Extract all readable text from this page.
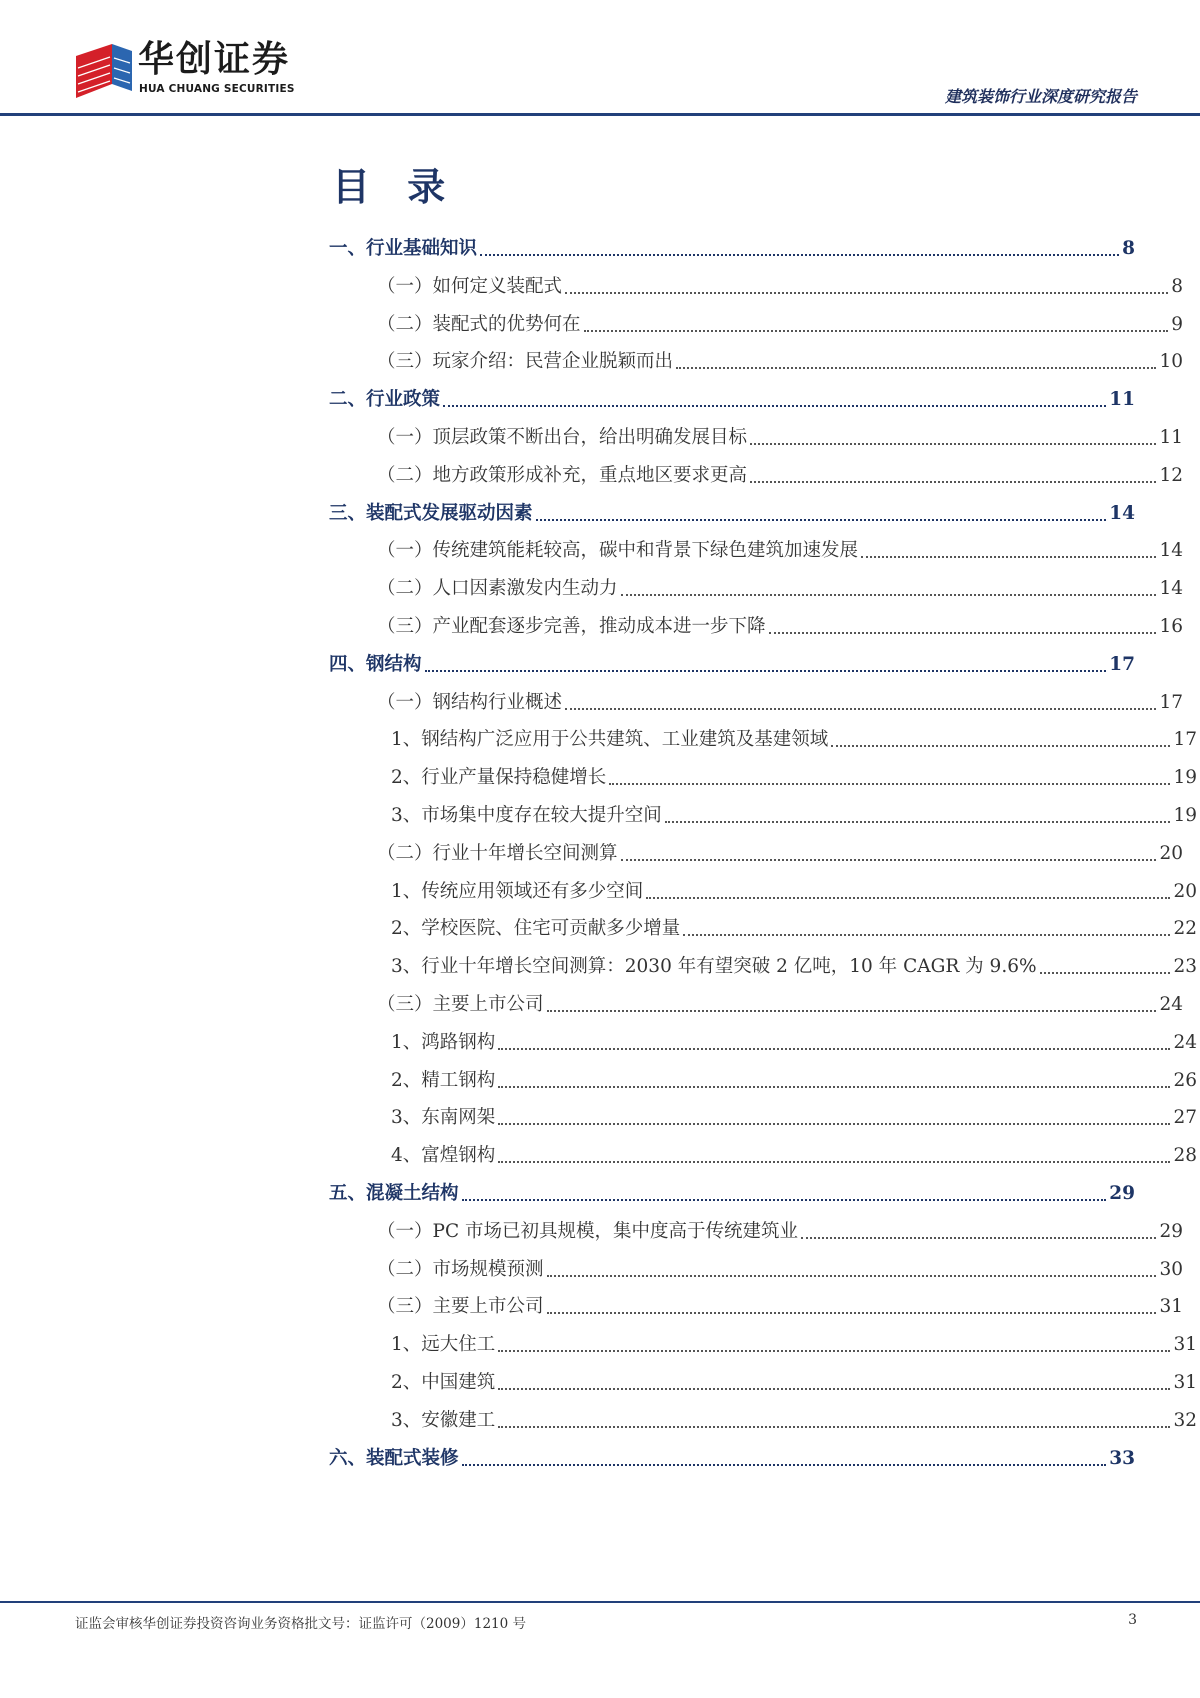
华创证券
HUA CHUANG SECURITIES	建筑装饰行业深度研究报告
目 录
一、行业基础知识	8
（一）如何定义装配式	8
（二）装配式的优势何在	9
（三）玩家介绍：民营企业脱颖而出	10
二、行业政策	11
（一）顶层政策不断出台，给出明确发展目标	11
（二）地方政策形成补充，重点地区要求更高	12
三、装配式发展驱动因素	14
（一）传统建筑能耗较高，碳中和背景下绿色建筑加速发展	14
（二）人口因素激发内生动力	14
（三）产业配套逐步完善，推动成本进一步下降	16
四、钢结构	17
（一）钢结构行业概述	17
1、钢结构广泛应用于公共建筑、工业建筑及基建领域	17
2、行业产量保持稳健增长	19
3、市场集中度存在较大提升空间	19
（二）行业十年增长空间测算	20
1、传统应用领域还有多少空间	20
2、学校医院、住宅可贡献多少增量	22
3、行业十年增长空间测算：2030 年有望突破 2 亿吨，10 年 CAGR 为 9.6%	23
（三）主要上市公司	24
1、鸿路钢构	24
2、精工钢构	26
3、东南网架	27
4、富煌钢构	28
五、混凝土结构	29
（一）PC 市场已初具规模，集中度高于传统建筑业	29
（二）市场规模预测	30
（三）主要上市公司	31
1、远大住工	31
2、中国建筑	31
3、安徽建工	32
六、装配式装修	33
证监会审核华创证券投资咨询业务资格批文号：证监许可（2009）1210 号	3
